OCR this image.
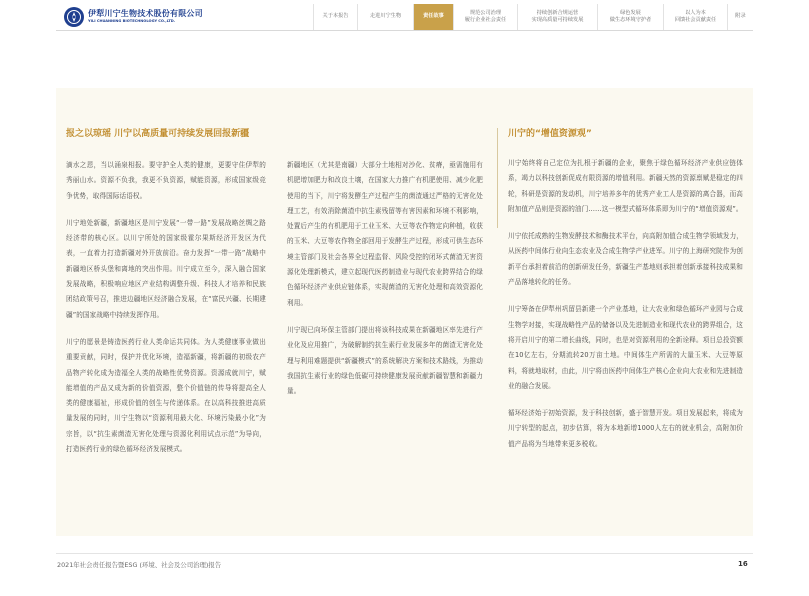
伊犁川宁生物技术股份有限公司
YILI CHUANNING BIOTECHNOLOGY CO.,LTD.
关于本报告	走进川宁生物	责任故事
规范公司治理
履行企业社会责任
持续创新合规运营
实现高质量可持续发展
绿色发展
做生态环境守护者
以人为本
回馈社会贡献责任
附录
报之以琼瑶 川宁以高质量可持续发展回报新疆

滴水之恩，当以涌泉相报。要守护全人类的健康，更要守住伊犁的秀丽山水。资源不负我，我更不负资源，赋能资源，形成国家级竞争优势，取得国际话语权。

川宁地处新疆，新疆地区是川宁发展“一带一路”发展战略丝绸之路经济带的核心区。以川宁所处的国家级霍尔果斯经济开发区为代表，一直着力打造新疆对外开放前沿。奋力发挥“一带一路”战略中新疆地区桥头堡和离地的突出作用。川宁成立至今，深入融合国家发展战略，积极响应地区产业结构调整升级、科技人才培养和民族团结政策号召，推进边疆地区经济融合发展，在“富民兴疆、长期建疆”的国家战略中持续发挥作用。

川宁的愿景是铸造医药行业人类命运共同体。为人类健康事业做出重要贡献，同时，保护并优化环境，造福新疆，将新疆的初级农产品物产转化成为造福全人类的战略性优势资源。资源成就川宁，赋能增值的产品又成为新的价值资源，整个价值链的传导将提高全人类的健康福祉，形成价值的创生与传递体系。在以高科技推进高质量发展的同时，川宁生物以“资源利用最大化、环境污染最小化”为宗旨，以“抗生素菌渣无害化处理与资源化利用试点示范”为导向，打造医药行业的绿色循环经济发展模式。

新疆地区（尤其是南疆）大部分土地相对沙化、贫瘠，亟需施用有机肥增加肥力和改良土壤，在国家大力推广有机肥使用、减少化肥使用的当下，川宁将发酵生产过程产生的菌渣通过严格的无害化处理工艺，有效消除菌渣中抗生素残留等有害因素和环境不利影响，处置后产生的有机肥用于工业玉米、大豆等农作物定向种植，收获的玉米、大豆等农作物全部回用于发酵生产过程，形成可供生态环境主管部门及社会各界全过程监督、风险受控的闭环式菌渣无害资源化处理新模式，建立起现代医药制造业与现代农业跨界结合的绿色循环经济产业供应链体系，实现菌渣的无害化处理和高效资源化利用。

川宁现已向环保主管部门提出将该科技成果在新疆地区率先进行产业化及应用推广，为破解制约抗生素行业发展多年的菌渣无害化处理与利用难题提供“新疆模式”的系统解决方案和技术路线，为推动我国抗生素行业的绿色低碳可持续健康发展贡献新疆智慧和新疆力量。

川宁的“增值资源观”

川宁始终将自己定位为扎根于新疆的企业，聚焦于绿色循环经济产业供应链体系，竭力以科技创新促成有限资源的增值利用。新疆天然的资源禀赋是稳定的四轮，科研是资源的发动机，川宁培养多年的优秀产业工人是资源的离合器，而高附加值产品则是资源的油门……这一模型式循环体系即为川宁的“增值资源观”。

川宁依托成熟的生物发酵技术和酶技术平台，向高附加值合成生物学领域发力，从医药中间体行业向生态农业及合成生物学产业进军。川宁的上海研究院作为创新平台承担着前沿的创新研发任务，新疆生产基地则承担着创新承接科技成果和产品落地转化的任务。

川宁筹备在伊犁州巩留县新建一个产业基地，让大农业和绿色循环产业园与合成生物学对接，实现战略性产品的储备以及先进制造业和现代农业的跨界组合，这将开启川宁的第二增长曲线，同时，也是对资源利用的全新诠释。项目总投资额在10亿左右，分期流转20万亩土地。中间体生产所需的大量玉米、大豆等原料，将就地取材，由此，川宁将由医药中间体生产核心企业向大农业和先进制造业的融合发展。

循环经济始于初始资源，发于科技创新，盛于智慧开发。项目发展起来，将成为川宁转型的起点，初步估算，将为本地新增1000人左右的就业机会，高附加价值产品将为当地带来更多税收。

2021年社会责任报告暨ESG (环境、社会及公司治理)报告	16
